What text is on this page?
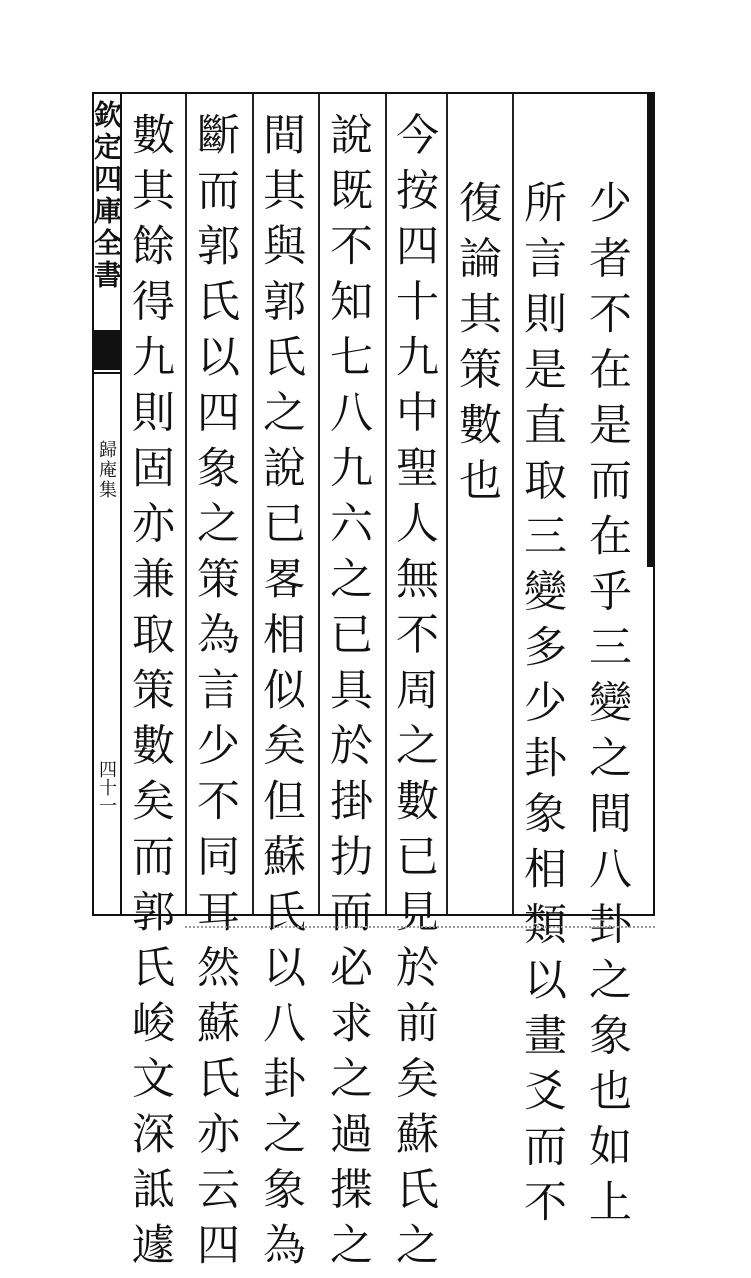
欽定四庫全書
歸庵集
四十一	少者不在是而在乎三變之間八卦之象也如上
所言則是直取三變多少卦象相類以畫爻而不
復論其策數也
今按四十九中聖人無不周之數已見於前矣蘇氏之
說既不知七八九六之已具於掛扐而必求之過揲之
間其與郭氏之說已畧相似矣但蘇氏以八卦之象為
斷而郭氏以四象之策為言少不同耳然蘇氏亦云四
數其餘得九則固亦兼取策數矣而郭氏峻文深詆遽
